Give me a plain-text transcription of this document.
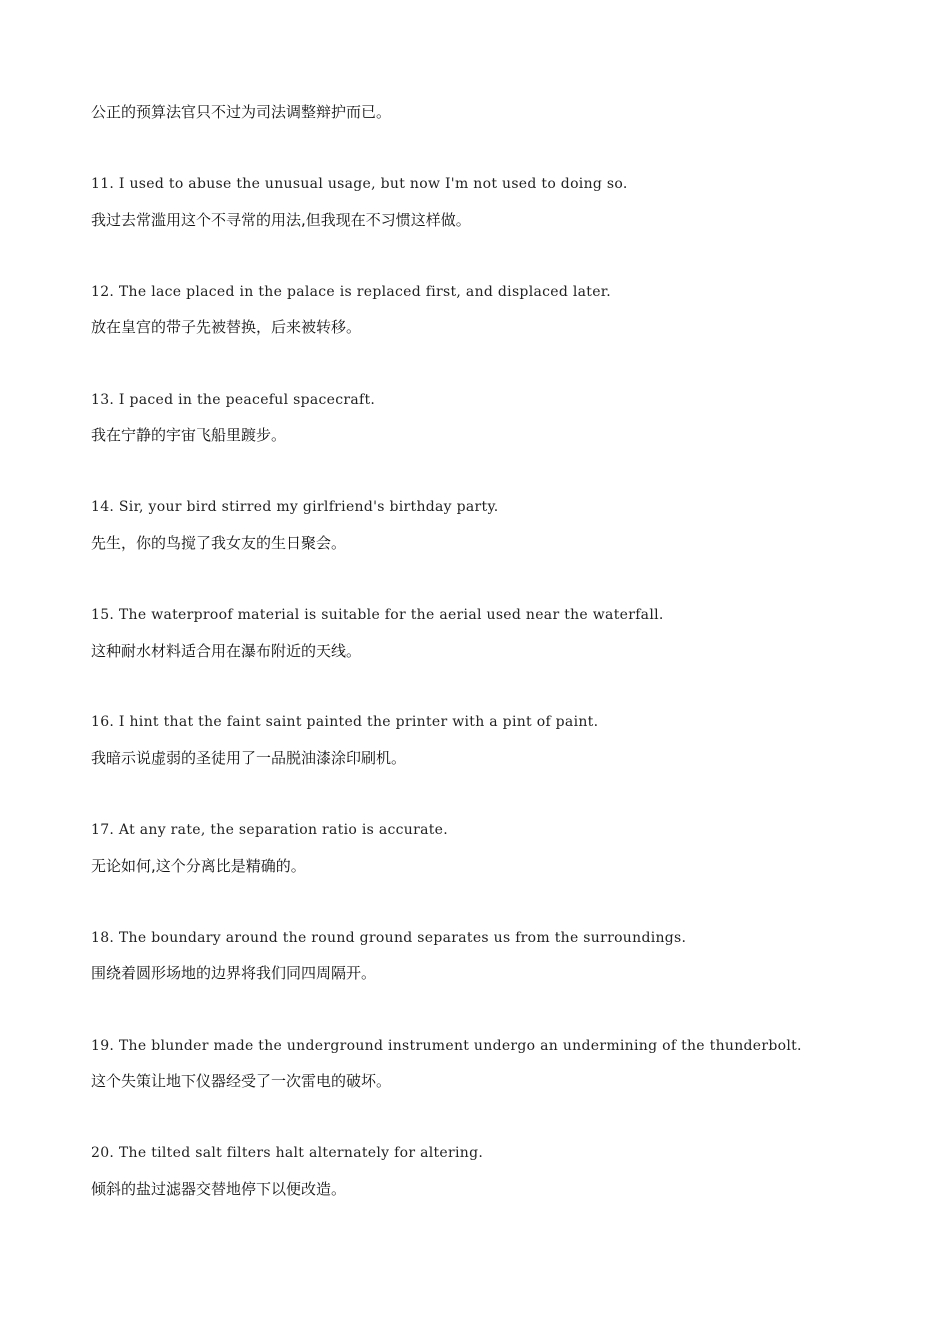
公正的预算法官只不过为司法调整辩护而已。
11. I used to abuse the unusual usage, but now I'm not used to doing so.
我过去常滥用这个不寻常的用法,但我现在不习惯这样做。
12. The lace placed in the palace is replaced first, and displaced later.
放在皇宫的带子先被替换，后来被转移。
13. I paced in the peaceful spacecraft.
我在宁静的宇宙飞船里踱步。
14. Sir, your bird stirred my girlfriend's birthday party.
先生，你的鸟搅了我女友的生日聚会。
15. The waterproof material is suitable for the aerial used near the waterfall.
这种耐水材料适合用在瀑布附近的天线。
16. I hint that the faint saint painted the printer with a pint of paint.
我暗示说虚弱的圣徒用了一品脱油漆涂印刷机。
17. At any rate, the separation ratio is accurate.
无论如何,这个分离比是精确的。
18. The boundary around the round ground separates us from the surroundings.
围绕着圆形场地的边界将我们同四周隔开。
19. The blunder made the underground instrument undergo an undermining of the thunderbolt.
这个失策让地下仪器经受了一次雷电的破坏。
20. The tilted salt filters halt alternately for altering.
倾斜的盐过滤器交替地停下以便改造。
